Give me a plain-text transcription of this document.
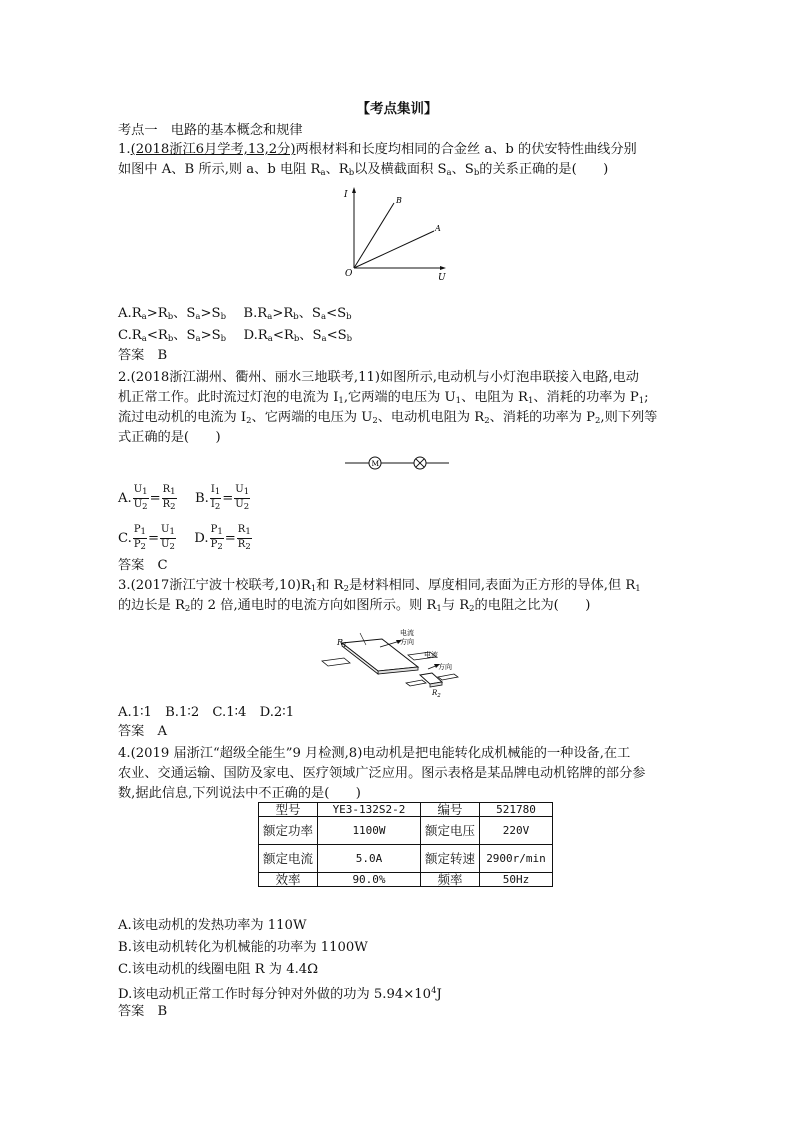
【考点集训】
考点一　电路的基本概念和规律
1.(2018浙江6月学考,13,2分)两根材料和长度均相同的合金丝 a、b 的伏安特性曲线分别
如图中 A、B 所示,则 a、b 电阻 $R_a$、$R_b$以及横截面积 $S_a$、$S_b$的关系正确的是(　　)
I
U
O
B
A
$A.R_a>R_b$、$S_a>S_b$　 $B.R_a>R_b$、$S_a<S_b$
$C.R_a<R_b$、$S_a>S_b$　 $D.R_a<R_b$、$S_a<S_b$
答案　B
2.(2018浙江湖州、衢州、丽水三地联考,11)如图所示,电动机与小灯泡串联接入电路,电动
机正常工作。此时流过灯泡的电流为 $I_1$,它两端的电压为 $U_1$、电阻为 $R_1$、消耗的功率为 $P_1$;
流过电动机的电流为 $I_2$、它两端的电压为 $U_2$、电动机电阻为 $R_2$、消耗的功率为 $P_2$,则下列等
式正确的是(　　)
M
A. $\frac{U_1}{U_2} = \frac{R_1}{R_2}$ 　 B. $\frac{I_1}{I_2} = \frac{U_1}{U_2}$
C. $\frac{P_1}{P_2} = \frac{U_1}{U_2}$ 　 D. $\frac{P_1}{P_2} = \frac{R_1}{R_2}$
答案　C
3.(2017浙江宁波十校联考$,10)R_1$和 $R_2$是材料相同、厚度相同,表面为正方形的导体,但 $R_1$
的边长是 $R_2$的 2 倍,通电时的电流方向如图所示。则 $R_1$与 $R_2$的电阻之比为(　　)
$R_1$
电流
方向
电流
方向
$R_2$
A.1∶1　B.1∶2　C.1∶4　D.2∶1
答案　A
4.(2019 届浙江“超级全能生”9 月检测,8)电动机是把电能转化成机械能的一种设备,在工
农业、交通运输、国防及家电、医疗领域广泛应用。图示表格是某品牌电动机铭牌的部分参
数,据此信息,下列说法中不正确的是(　　)
型号	YE3-132S2-2	编号	521780
额定功率	1100W	额定电压	220V
额定电流	5.0A	额定转速	2900r/min
效率	90.0%	频率	50Hz
A.该电动机的发热功率为 110W
B.该电动机转化为机械能的功率为 1100W
C.该电动机的线圈电阻 R 为 4.4Ω
D.该电动机正常工作时每分钟对外做的功为 $5.94\times 10^4J$
答案　B
